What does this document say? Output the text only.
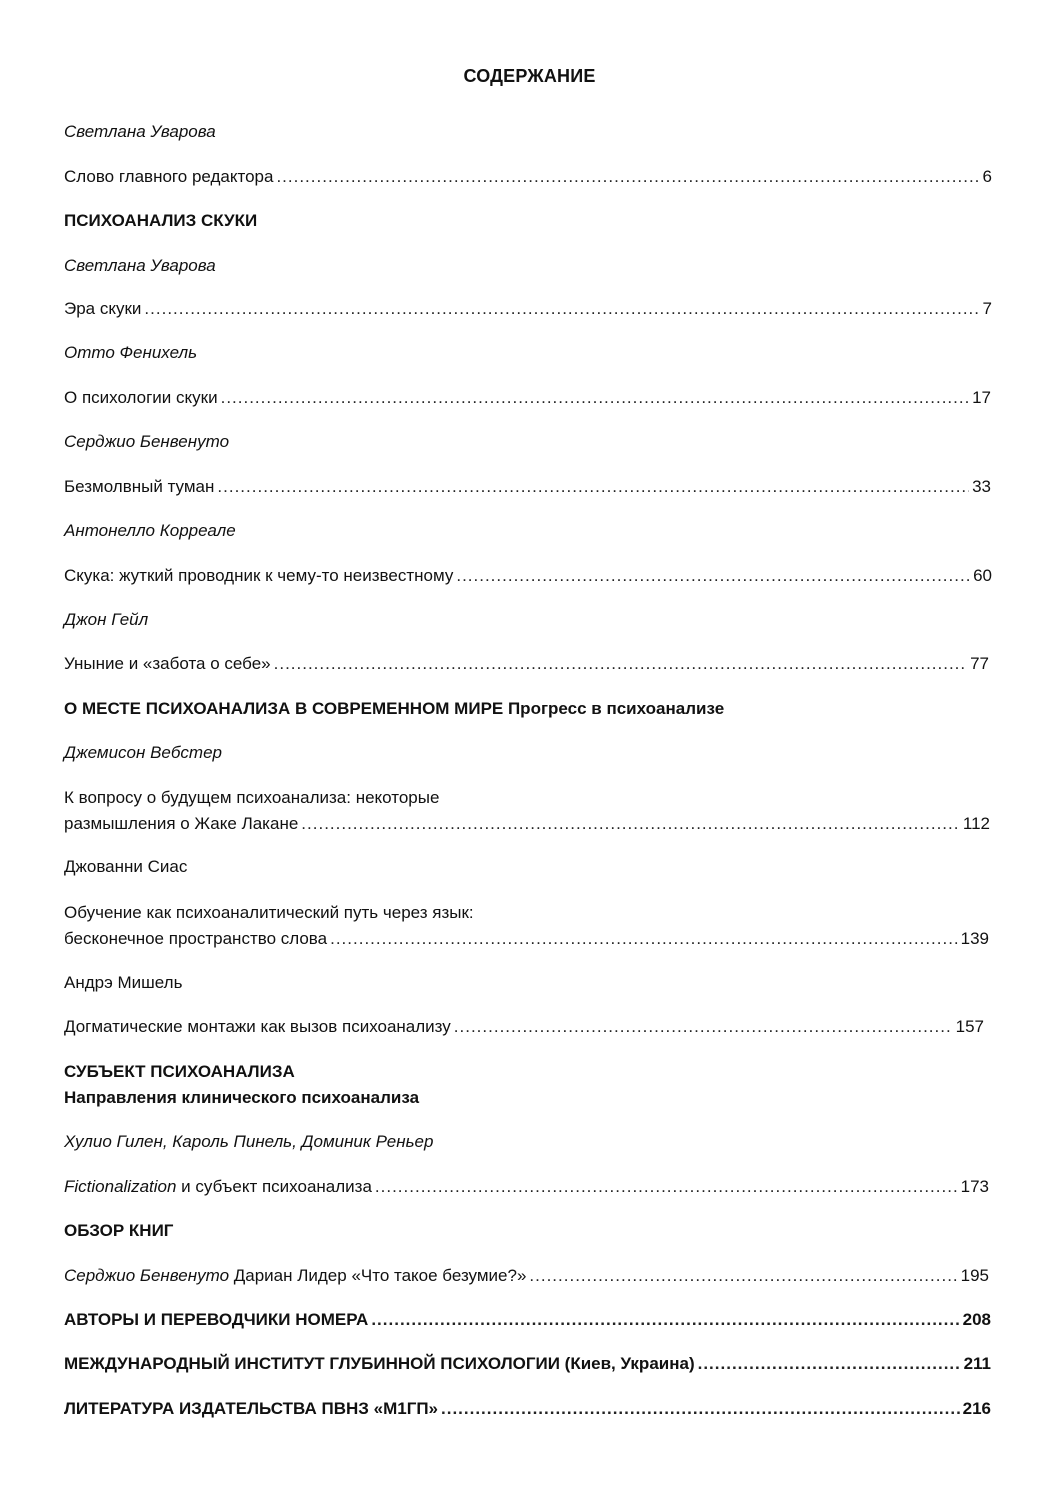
СОДЕРЖАНИЕ
Светлана Уварова
Слово главного редактора .....	6
ПСИХОАНАЛИЗ СКУКИ
Светлана Уварова
Эра скуки .....	7
Отто Фенихель
О психологии скуки .....	17
Серджио Бенвенуто
Безмолвный туман .....	33
Антонелло Корреале
Скука: жуткий проводник к чему-то неизвестному .....	60
Джон Гейл
Уныние и «забота о себе» .....	77
О МЕСТЕ ПСИХОАНАЛИЗА В СОВРЕМЕННОМ МИРЕ Прогресс в психоанализе
Джемисон Вебстер
К вопросу о будущем психоанализа: некоторые
размышления о Жаке Лакане .....	112
Джованни Сиас
Обучение как психоаналитический путь через язык:
бесконечное пространство слова .....	139
Андрэ Мишель
Догматические монтажи как вызов психоанализу .....	157
СУБЪЕКТ ПСИХОАНАЛИЗА
Направления клинического психоанализа
Хулио Гилен, Кароль Пинель, Доминик Реньер
Fictionalization и субъект психоанализа .....	173
ОБЗОР КНИГ
Серджио Бенвенуто Дариан Лидер «Что такое безумие?» .....	195
АВТОРЫ И ПЕРЕВОДЧИКИ НОМЕРА .....	208
МЕЖДУНАРОДНЫЙ ИНСТИТУТ ГЛУБИННОЙ ПСИХОЛОГИИ (Киев, Украина) .....	211
ЛИТЕРАТУРА ИЗДАТЕЛЬСТВА ПВНЗ «М1ГП» .....	216
